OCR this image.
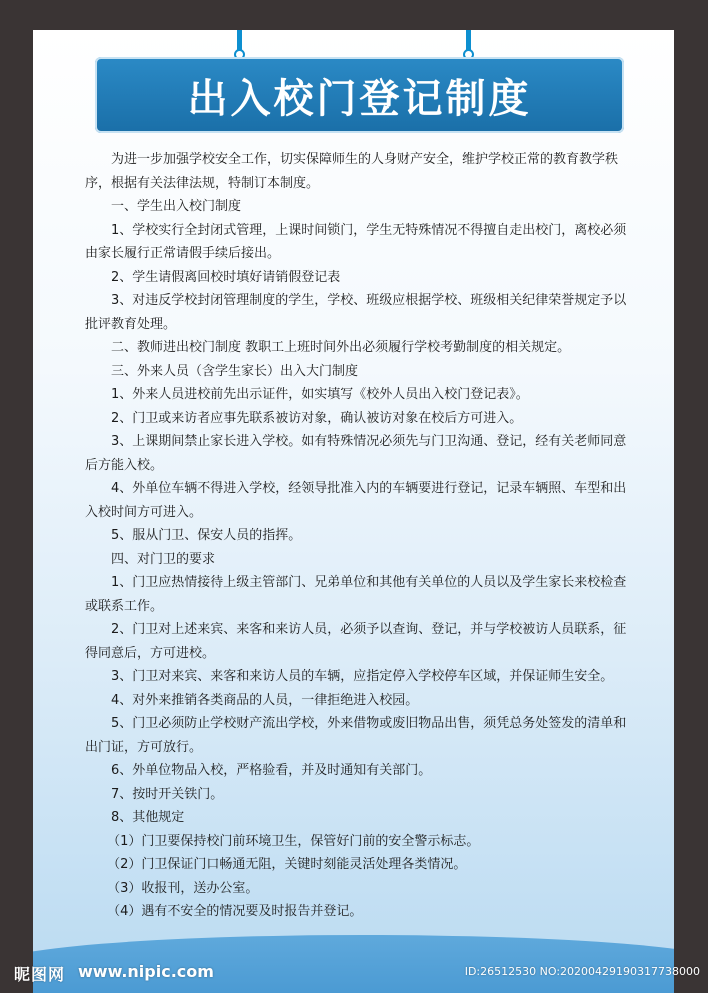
出入校门登记制度

为进一步加强学校安全工作，切实保障师生的人身财产安全，维护学校正常的教育教学秩序，根据有关法律法规，特制订本制度。

一、学生出入校门制度

1、学校实行全封闭式管理，上课时间锁门，学生无特殊情况不得擅自走出校门，离校必须由家长履行正常请假手续后接出。

2、学生请假离回校时填好请销假登记表

3、对违反学校封闭管理制度的学生，学校、班级应根据学校、班级相关纪律荣誉规定予以批评教育处理。

二、教师进出校门制度 教职工上班时间外出必须履行学校考勤制度的相关规定。

三、外来人员（含学生家长）出入大门制度

1、外来人员进校前先出示证件，如实填写《校外人员出入校门登记表》。

2、门卫或来访者应事先联系被访对象，确认被访对象在校后方可进入。

3、上课期间禁止家长进入学校。如有特殊情况必须先与门卫沟通、登记，经有关老师同意后方能入校。

4、外单位车辆不得进入学校，经领导批准入内的车辆要进行登记，记录车辆照、车型和出入校时间方可进入。

5、服从门卫、保安人员的指挥。

四、对门卫的要求

1、门卫应热情接待上级主管部门、兄弟单位和其他有关单位的人员以及学生家长来校检查或联系工作。

2、门卫对上述来宾、来客和来访人员，必须予以查询、登记，并与学校被访人员联系，征得同意后，方可进校。

3、门卫对来宾、来客和来访人员的车辆，应指定停入学校停车区域，并保证师生安全。

4、对外来推销各类商品的人员，一律拒绝进入校园。

5、门卫必须防止学校财产流出学校，外来借物或废旧物品出售，须凭总务处签发的清单和出门证，方可放行。

6、外单位物品入校，严格验看，并及时通知有关部门。

7、按时开关铁门。

8、其他规定

（1）门卫要保持校门前环境卫生，保管好门前的安全警示标志。

（2）门卫保证门口畅通无阻，关键时刻能灵活处理各类情况。

（3）收报刊，送办公室。

（4）遇有不安全的情况要及时报告并登记。

昵图网 www.nipic.com	ID:26512530 NO:20200429190317738000
